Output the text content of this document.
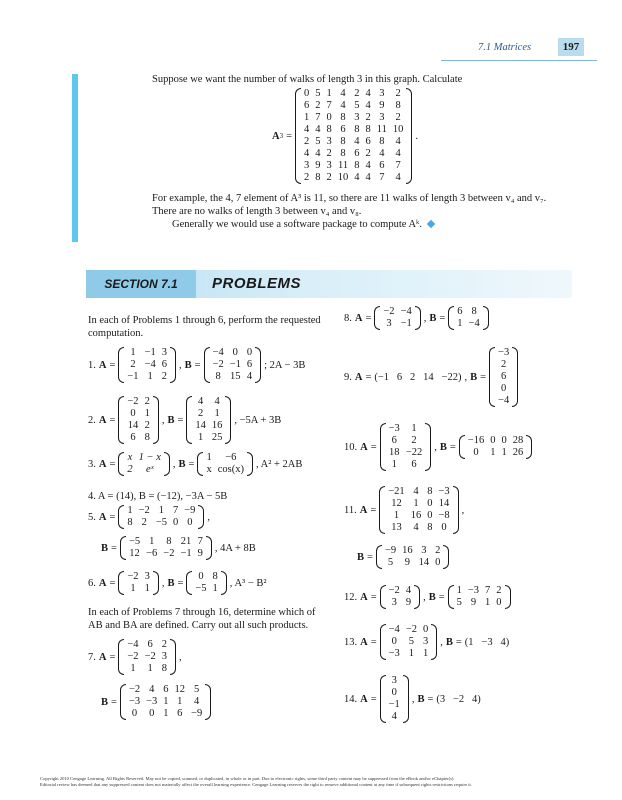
7.1 Matrices	197
Suppose we want the number of walks of length 3 in this graph. Calculate
A 3 =
0	5	1	4	2	4	3	2
6	2	7	4	5	4	9	8
1	7	0	8	3	2	3	2
4	4	8	6	8	8	11	10
2	5	3	8	4	6	8	4
4	4	2	8	6	2	4	4
3	9	3	11	8	4	6	7
2	8	2	10	4	4	7	4
.
For example, the 4, 7 element of A³ is 11, so there are 11 walks of length 3 between v₄ and v₇.
There are no walks of length 3 between v₄ and v₈.
Generally we would use a software package to compute Aᵏ.
SECTION 7.1	PROBLEMS
In each of Problems 1 through 6, perform the requested computation.
1. A =
1	−1	3
2	−4	6
−1	1	2
, B =
−4	0	0
−2	−1	6
8	15	4
; 2A − 3B
2. A =
−2	2
0	1
14	2
6	8
, B =
4	4
2	1
14	16
1	25
, −5A + 3B
3. A =
x	1 − x
2	eˣ , B =
1	−6
x	cos(x) , A² + 2AB
4. A = (14), B = (−12), −3A − 5B
5. A =
1	−2	1	7	−9
8	2	−5	0	0 ,
B =
−5	1	8	21	7
12	−6	−2	−1	9 , 4A + 8B
6. A =
−2	3
1	1 , B =
0	8
−5	1 , A³ − B²
In each of Problems 7 through 16, determine which of AB and BA are defined. Carry out all such products.
7. A =
−4	6	2
−2	−2	3
1	1	8
,
B =
−2	4	6	12	5
−3	−3	1	1	4
0	0	1	6	−9
8. A =
−2	−4
3	−1 , B =
6	8
1	−4
9. A = (−1   6   2   14   −22) , B =
−3
2
6
0
−4
10. A =
−3	1
6	2
18	−22
1	6
, B =
−16	0	0	28
0	1	1	26
11. A =
−21	4	8	−3
12	1	0	14
1	16	0	−8
13	4	8	0
,
B =
−9	16	3	2
5	9	14	0
12. A =
−2	4
3	9 , B =
1	−3	7	2
5	9	1	0
13. A =
−4	−2	0
0	5	3
−3	1	1
, B = (1   −3   4)
14. A =
3
0
−1
4
, B = (3   −2   4)
Copyright 2010 Cengage Learning. All Rights Reserved. May not be copied, scanned, or duplicated, in whole or in part. Due to electronic rights, some third party content may be suppressed from the eBook and/or eChapter(s).
Editorial review has deemed that any suppressed content does not materially affect the overall learning experience. Cengage Learning reserves the right to remove additional content at any time if subsequent rights restrictions require it.
